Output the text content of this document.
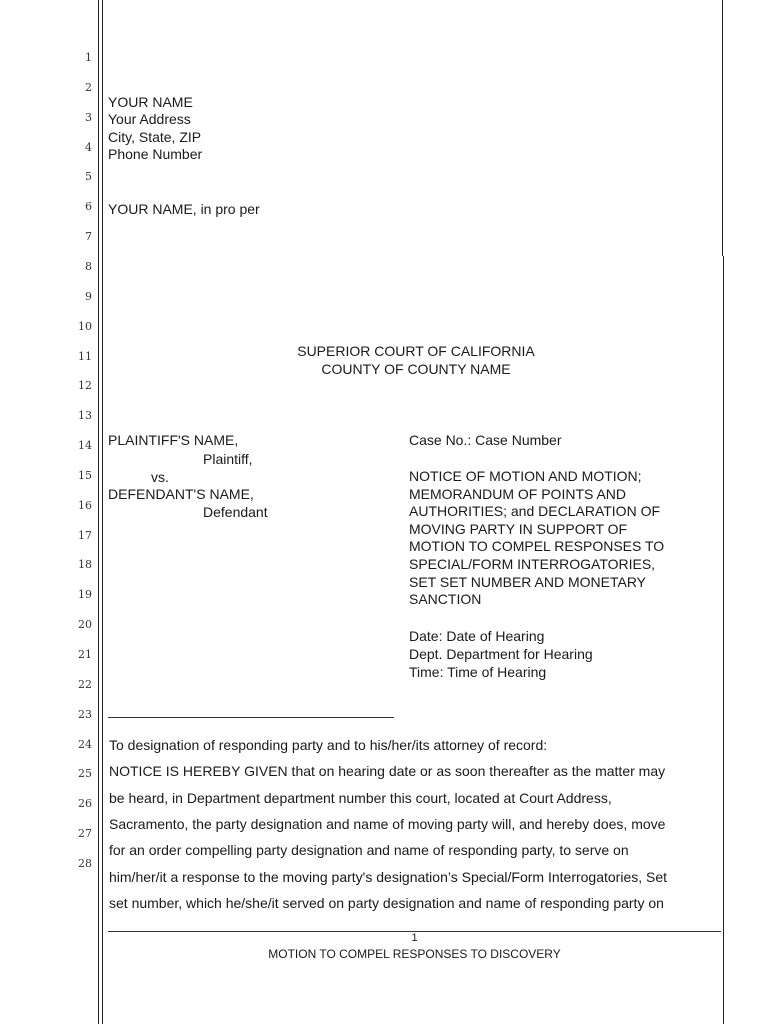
1
2
3
4
5
6
7
8
9
10
11
12
13
14
15
16
17
18
19
20
21
22
23
24
25
26
27
28
YOUR NAME
Your Address
City, State, ZIP
Phone Number
YOUR NAME, in pro per
SUPERIOR COURT OF CALIFORNIA
COUNTY OF COUNTY NAME
PLAINTIFF'S NAME,
Plaintiff,
vs.
DEFENDANT'S NAME,
Defendant
Case No.: Case Number
NOTICE OF MOTION AND MOTION;
MEMORANDUM OF POINTS AND
AUTHORITIES; and DECLARATION OF
MOVING PARTY IN SUPPORT OF
MOTION TO COMPEL RESPONSES TO
SPECIAL/FORM INTERROGATORIES,
SET SET NUMBER AND MONETARY
SANCTION
Date: Date of Hearing
Dept. Department for Hearing
Time: Time of Hearing
To designation of responding party and to his/her/its attorney of record:
NOTICE IS HEREBY GIVEN that on hearing date or as soon thereafter as the matter may
be heard, in Department department number this court, located at Court Address,
Sacramento, the party designation and name of moving party will, and hereby does, move
for an order compelling party designation and name of responding party, to serve on
him/her/it a response to the moving party's designation’s Special/Form Interrogatories, Set
set number, which he/she/it served on party designation and name of responding party on
1
MOTION TO COMPEL RESPONSES TO DISCOVERY
